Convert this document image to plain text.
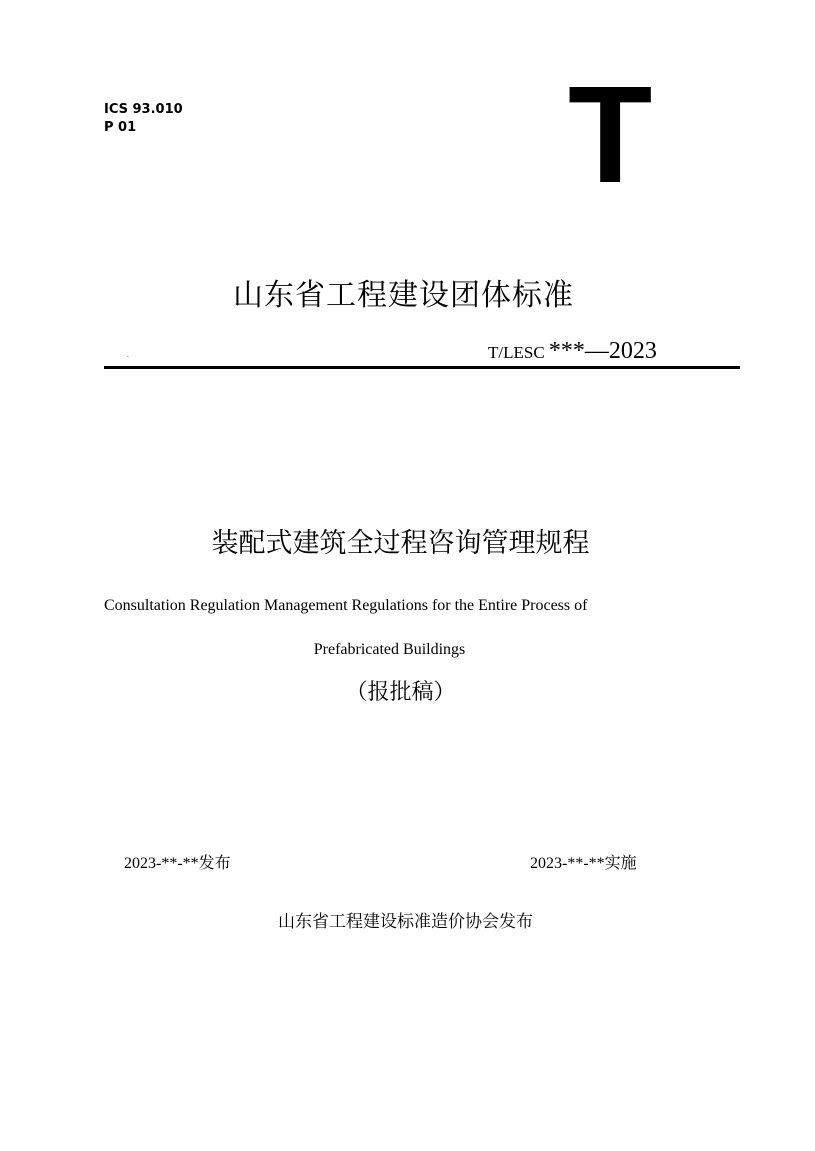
ICS 93.010
P 01	T
山东省工程建设团体标准
.	T/LESC ***—2023
装配式建筑全过程咨询管理规程
Consultation Regulation Management Regulations for the Entire Process of
Prefabricated Buildings
（报批稿）
2023-**-**发布	2023-**-**实施
山东省工程建设标准造价协会发布
